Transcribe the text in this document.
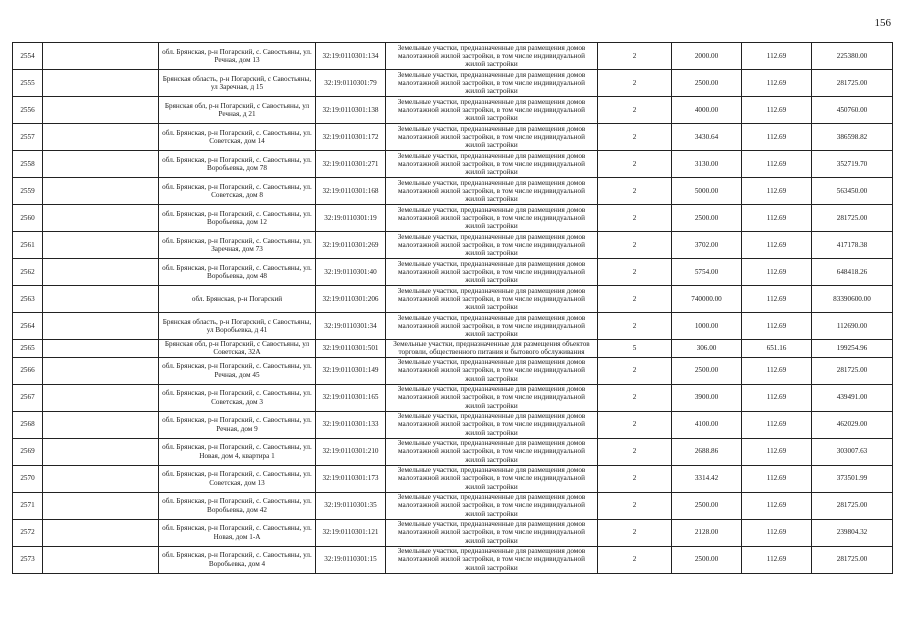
156
2554		обл. Брянская, р-н Погарский, с. Савостьяны, ул. Речная, дом 13	32:19:0110301:134	Земельные участки, предназначенные для размещения домов малоэтажной жилой застройки, в том числе индивидуальной жилой застройки	2	2000.00	112.69	225380.00
2555		Брянская область, р-н Погарский, с Савостьяны, ул Заречная, д 15	32:19:0110301:79	Земельные участки, предназначенные для размещения домов малоэтажной жилой застройки, в том числе индивидуальной жилой застройки	2	2500.00	112.69	281725.00
2556		Брянская обл, р-н Погарский, с Савостьяны, ул Речная, д 21	32:19:0110301:138	Земельные участки, предназначенные для размещения домов малоэтажной жилой застройки, в том числе индивидуальной жилой застройки	2	4000.00	112.69	450760.00
2557		обл. Брянская, р-н Погарский, с. Савостьяны, ул. Советская, дом 14	32:19:0110301:172	Земельные участки, предназначенные для размещения домов малоэтажной жилой застройки, в том числе индивидуальной жилой застройки	2	3430.64	112.69	386598.82
2558		обл. Брянская, р-н Погарский, с. Савостьяны, ул. Воробьевка, дом 78	32:19:0110301:271	Земельные участки, предназначенные для размещения домов малоэтажной жилой застройки, в том числе индивидуальной жилой застройки	2	3130.00	112.69	352719.70
2559		обл. Брянская, р-н Погарский, с. Савостьяны, ул. Советская, дом 8	32:19:0110301:168	Земельные участки, предназначенные для размещения домов малоэтажной жилой застройки, в том числе индивидуальной жилой застройки	2	5000.00	112.69	563450.00
2560		обл. Брянская, р-н Погарский, с. Савостьяны, ул. Воробьевка, дом 12	32:19:0110301:19	Земельные участки, предназначенные для размещения домов малоэтажной жилой застройки, в том числе индивидуальной жилой застройки	2	2500.00	112.69	281725.00
2561		обл. Брянская, р-н Погарский, с. Савостьяны, ул. Заречная, дом 73	32:19:0110301:269	Земельные участки, предназначенные для размещения домов малоэтажной жилой застройки, в том числе индивидуальной жилой застройки	2	3702.00	112.69	417178.38
2562		обл. Брянская, р-н Погарский, с. Савостьяны, ул. Воробьевка, дом 48	32:19:0110301:40	Земельные участки, предназначенные для размещения домов малоэтажной жилой застройки, в том числе индивидуальной жилой застройки	2	5754.00	112.69	648418.26
2563		обл. Брянская, р-н Погарский	32:19:0110301:206	Земельные участки, предназначенные для размещения домов малоэтажной жилой застройки, в том числе индивидуальной жилой застройки	2	740000.00	112.69	83390600.00
2564		Брянская область, р-н Погарский, с Савостьяны, ул Воробьевка, д 41	32:19:0110301:34	Земельные участки, предназначенные для размещения домов малоэтажной жилой застройки, в том числе индивидуальной жилой застройки	2	1000.00	112.69	112690.00
2565		Брянская обл, р-н Погарский, с Савостьяны, ул Советская, 32А	32:19:0110301:501	Земельные участки, предназначенные для размещения объектов торговли, общественного питания и бытового обслуживания	5	306.00	651.16	199254.96
2566		обл. Брянская, р-н Погарский, с. Савостьяны, ул. Речная, дом 45	32:19:0110301:149	Земельные участки, предназначенные для размещения домов малоэтажной жилой застройки, в том числе индивидуальной жилой застройки	2	2500.00	112.69	281725.00
2567		обл. Брянская, р-н Погарский, с. Савостьяны, ул. Советская, дом 3	32:19:0110301:165	Земельные участки, предназначенные для размещения домов малоэтажной жилой застройки, в том числе индивидуальной жилой застройки	2	3900.00	112.69	439491.00
2568		обл. Брянская, р-н Погарский, с. Савостьяны, ул. Речная, дом 9	32:19:0110301:133	Земельные участки, предназначенные для размещения домов малоэтажной жилой застройки, в том числе индивидуальной жилой застройки	2	4100.00	112.69	462029.00
2569		обл. Брянская, р-н Погарский, с. Савостьяны, ул. Новая, дом 4, квартира 1	32:19:0110301:210	Земельные участки, предназначенные для размещения домов малоэтажной жилой застройки, в том числе индивидуальной жилой застройки	2	2688.86	112.69	303007.63
2570		обл. Брянская, р-н Погарский, с. Савостьяны, ул. Советская, дом 13	32:19:0110301:173	Земельные участки, предназначенные для размещения домов малоэтажной жилой застройки, в том числе индивидуальной жилой застройки	2	3314.42	112.69	373501.99
2571		обл. Брянская, р-н Погарский, с. Савостьяны, ул. Воробьевка, дом 42	32:19:0110301:35	Земельные участки, предназначенные для размещения домов малоэтажной жилой застройки, в том числе индивидуальной жилой застройки	2	2500.00	112.69	281725.00
2572		обл. Брянская, р-н Погарский, с. Савостьяны, ул. Новая, дом 1-А	32:19:0110301:121	Земельные участки, предназначенные для размещения домов малоэтажной жилой застройки, в том числе индивидуальной жилой застройки	2	2128.00	112.69	239804.32
2573		обл. Брянская, р-н Погарский, с. Савостьяны, ул. Воробьевка, дом 4	32:19:0110301:15	Земельные участки, предназначенные для размещения домов малоэтажной жилой застройки, в том числе индивидуальной жилой застройки	2	2500.00	112.69	281725.00
